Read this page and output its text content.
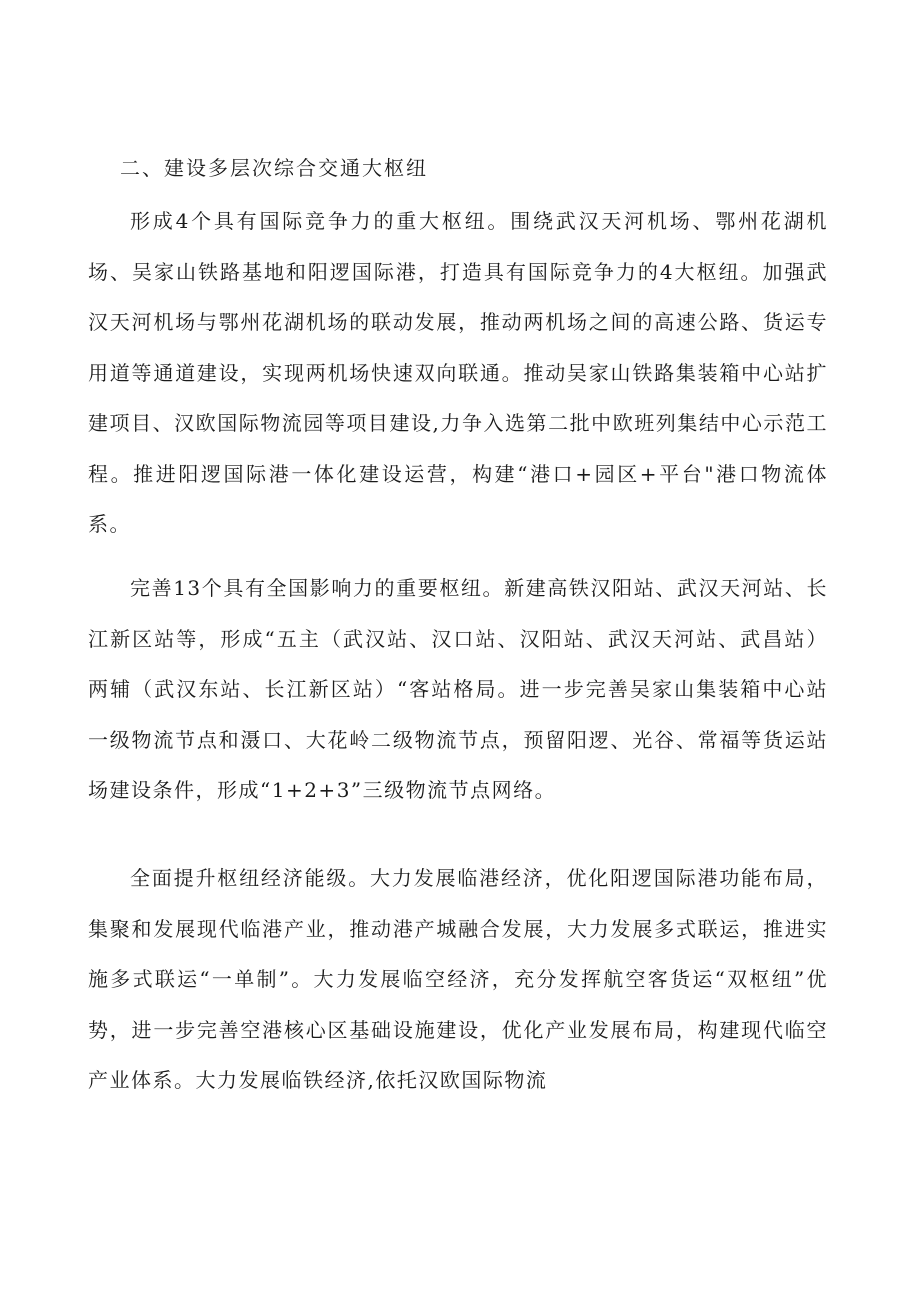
二、建设多层次综合交通大枢纽

形成4个具有国际竞争力的重大枢纽。围绕武汉天河机场、鄂州花湖机场、吴家山铁路基地和阳逻国际港，打造具有国际竞争力的4大枢纽。加强武汉天河机场与鄂州花湖机场的联动发展，推动两机场之间的高速公路、货运专用道等通道建设，实现两机场快速双向联通。推动吴家山铁路集装箱中心站扩建项目、汉欧国际物流园等项目建设,力争入选第二批中欧班列集结中心示范工程。推进阳逻国际港一体化建设运营，构建“港口+园区+平台"港口物流体系。

完善13个具有全国影响力的重要枢纽。新建高铁汉阳站、武汉天河站、长江新区站等，形成“五主（武汉站、汉口站、汉阳站、武汉天河站、武昌站）两辅（武汉东站、长江新区站）“客站格局。进一步完善吴家山集装箱中心站一级物流节点和滠口、大花岭二级物流节点，预留阳逻、光谷、常福等货运站场建设条件，形成“1+2+3”三级物流节点网络。

全面提升枢纽经济能级。大力发展临港经济，优化阳逻国际港功能布局，集聚和发展现代临港产业，推动港产城融合发展，大力发展多式联运，推进实施多式联运“一单制”。大力发展临空经济，充分发挥航空客货运“双枢纽”优势，进一步完善空港核心区基础设施建设，优化产业发展布局，构建现代临空产业体系。大力发展临铁经济,依托汉欧国际物流
